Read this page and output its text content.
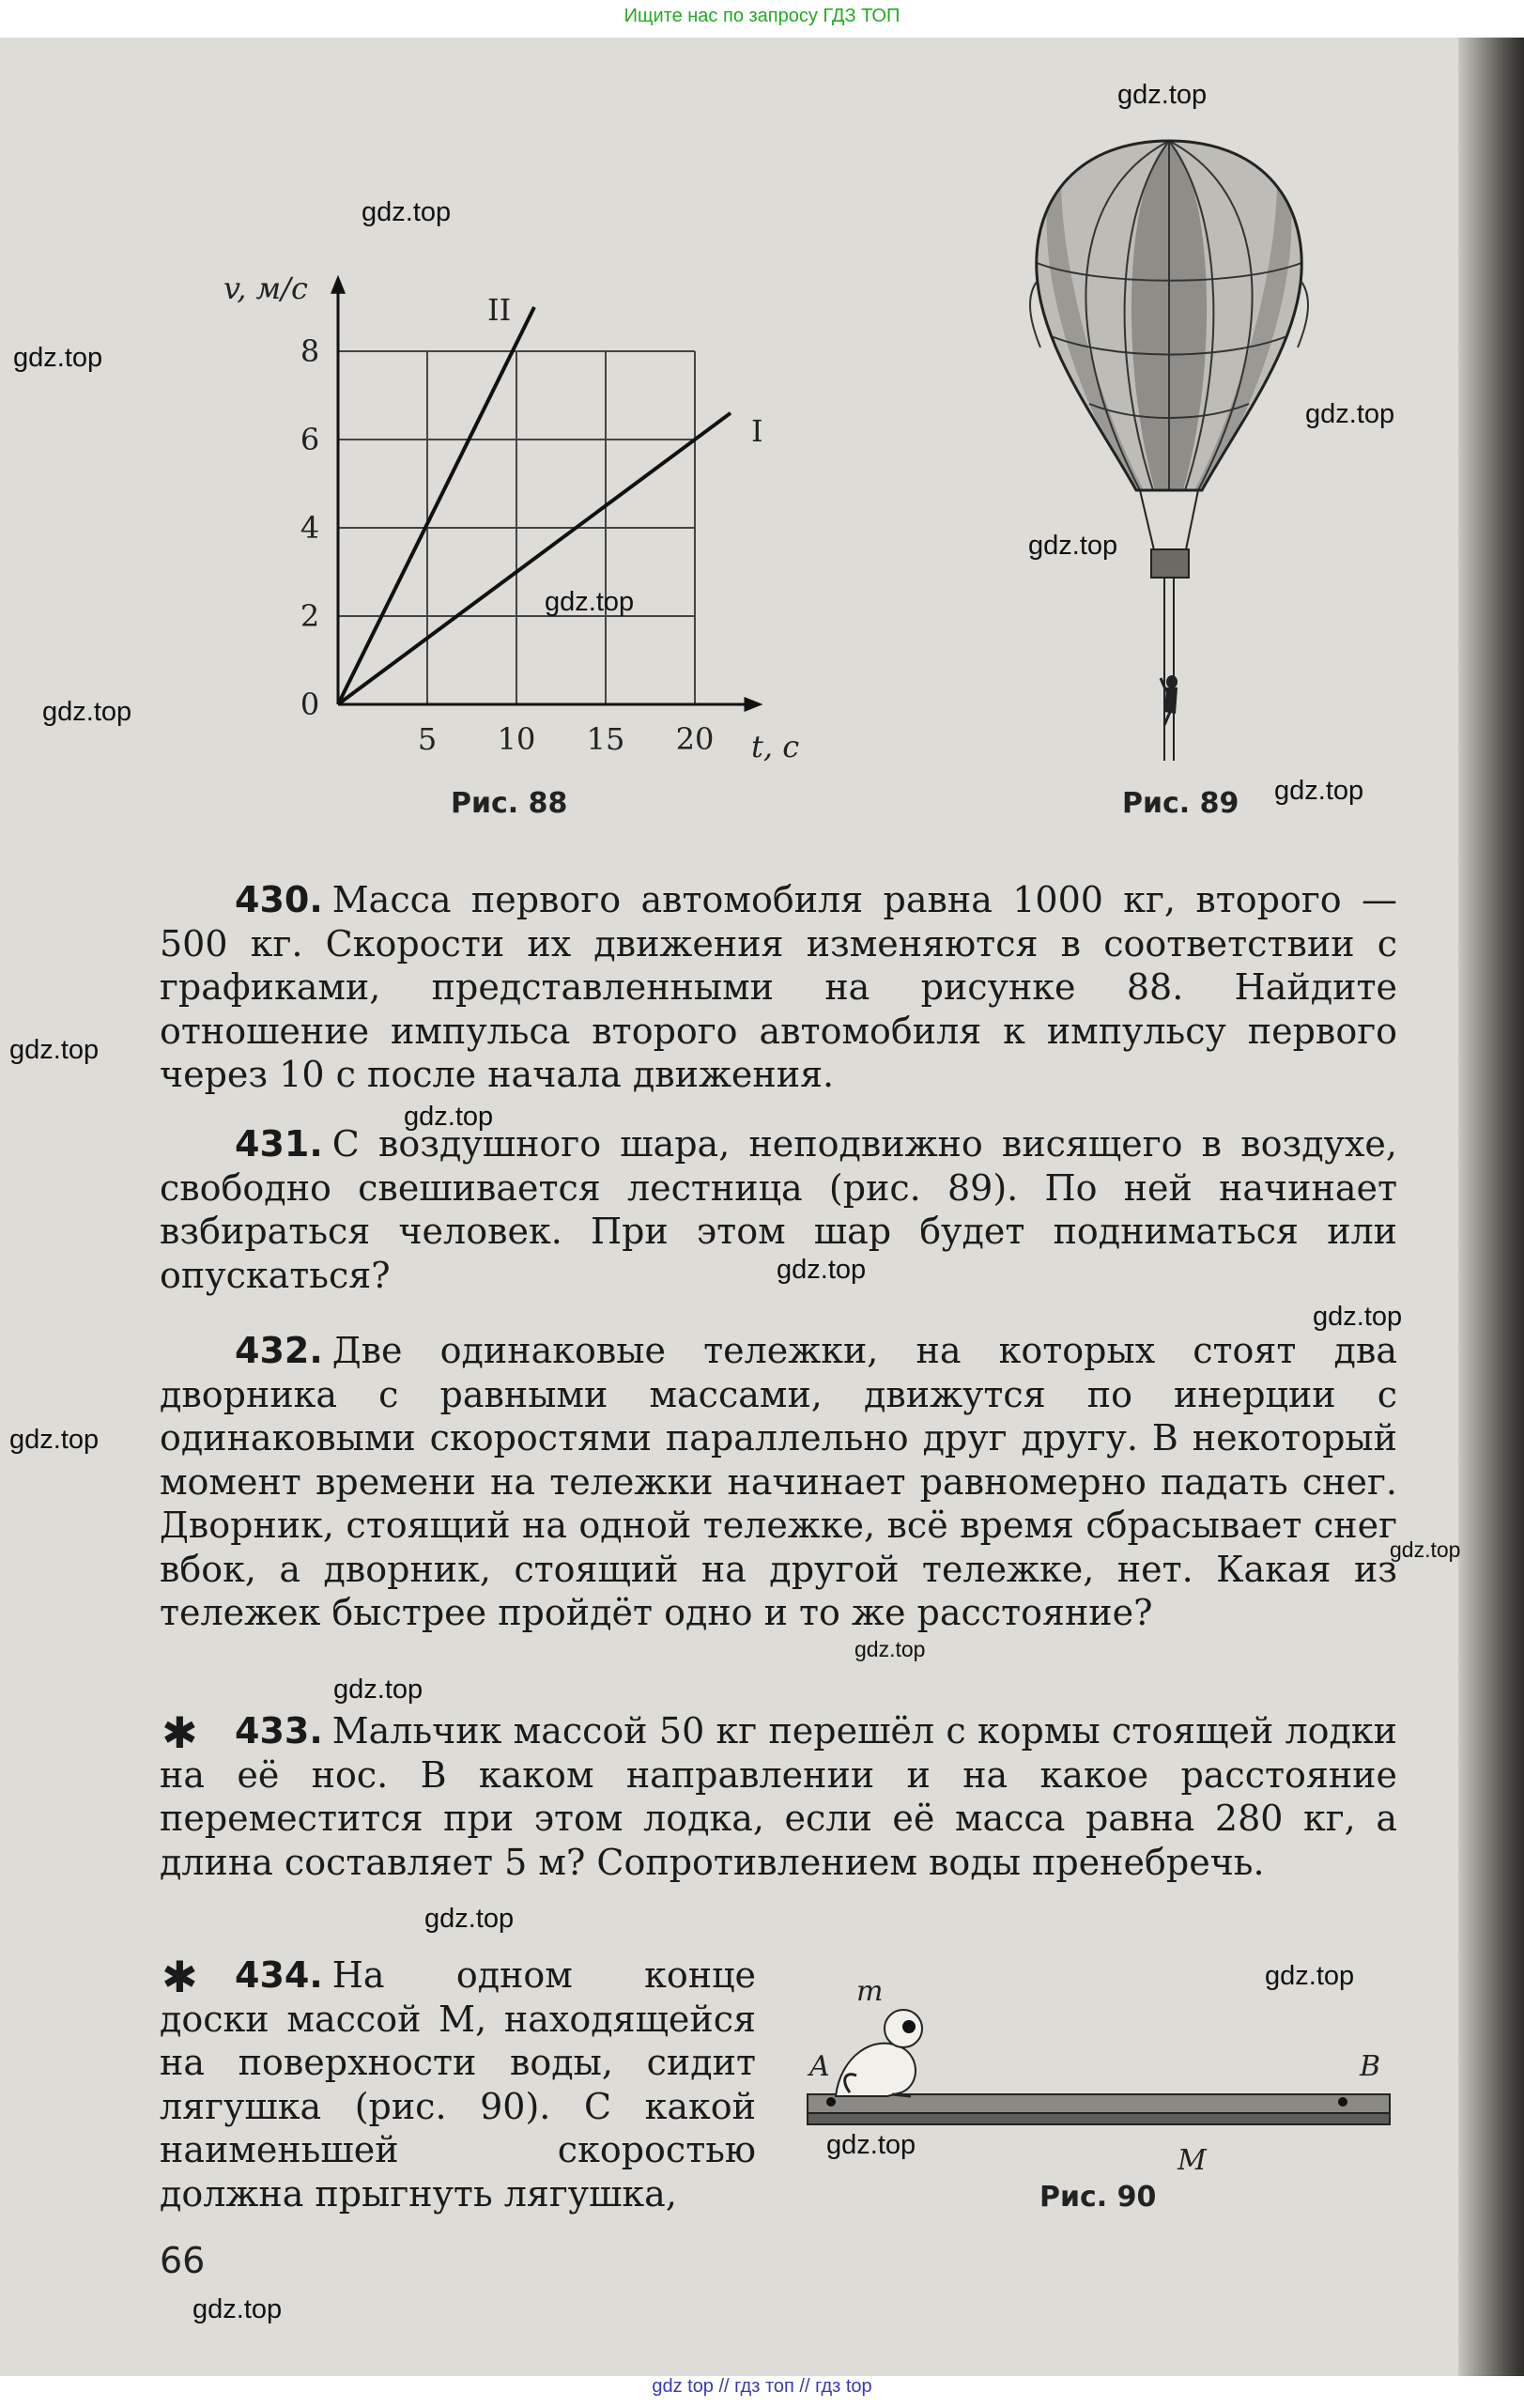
Ищите нас по запросу ГДЗ ТОП
gdz top // гдз топ // гдз top
5 10 15 20
0
2
4
6
8
I
II
v, м/с
t, c
Рис. 88	Рис. 89
430. Масса первого автомобиля равна 1000 кг, второго — 500 кг. Скорости их движения изменяются в соответствии с графиками, представленными на рисунке 88. Найдите отношение импульса второго автомобиля к импульсу первого через 10 с после начала движения.
431. С воздушного шара, неподвижно висящего в воздухе, свободно свешивается лестница (рис. 89). По ней начинает взбираться человек. При этом шар будет подниматься или опускаться?
432. Две одинаковые тележки, на которых стоят два дворника с равными массами, движутся по инерции с одинаковыми скоростями параллельно друг другу. В некоторый момент времени на тележки начинает равномерно падать снег. Дворник, стоящий на одной тележке, всё время сбрасывает снег вбок, а дворник, стоящий на другой тележке, нет. Какая из тележек быстрее пройдёт одно и то же расстояние?
✱	433. Мальчик массой 50 кг перешёл с кормы стоящей лодки на её нос. В каком направлении и на какое расстояние переместится при этом лодка, если её масса равна 280 кг, а длина составляет 5 м? Сопротивлением воды пренебречь.
✱	434. На одном конце доски массой M, находящейся на поверхности воды, сидит лягушка (рис. 90). С какой наименьшей скоростью должна прыгнуть лягушка,
m
A	B
M
Рис. 90
66
gdz.top
gdz.top
gdz.top
gdz.top
gdz.top
gdz.top
gdz.top
gdz.top
gdz.top
gdz.top
gdz.top
gdz.top
gdz.top
gdz.top
gdz.top
gdz.top
gdz.top
gdz.top
gdz.top
gdz.top
